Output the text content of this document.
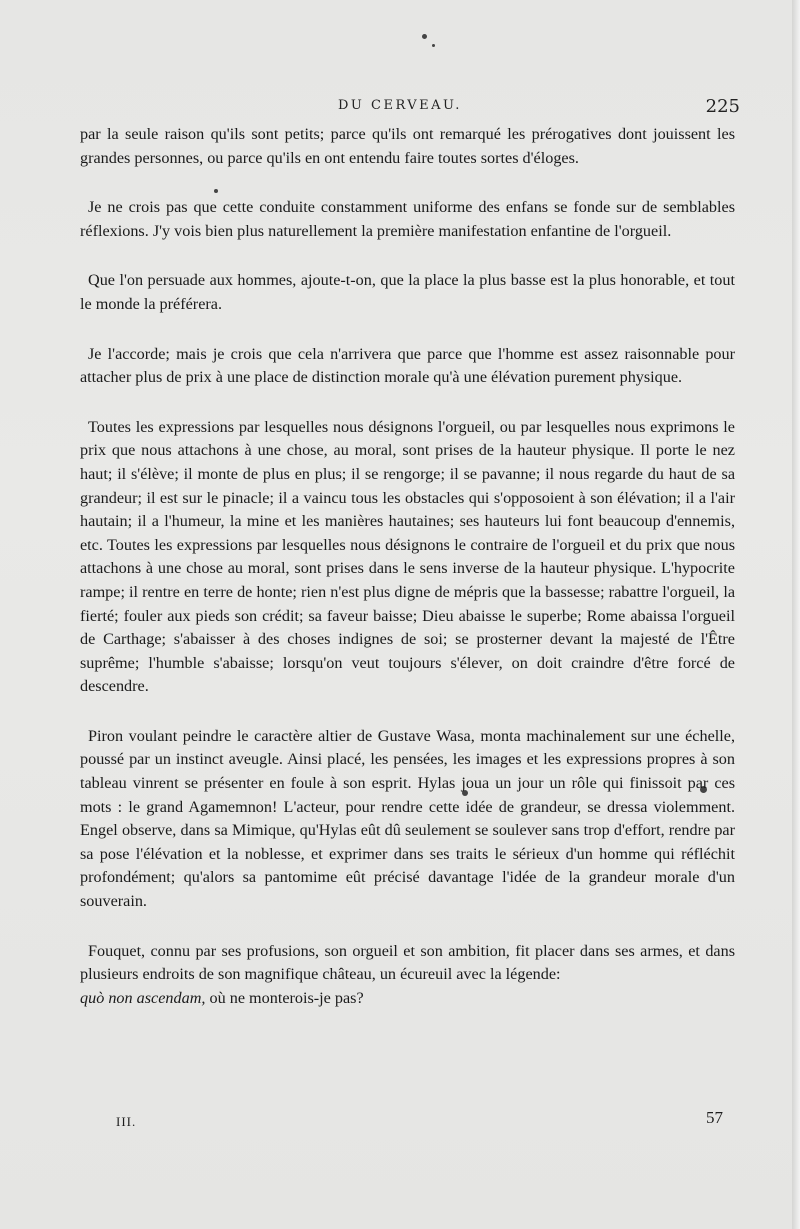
DU CERVEAU.	225

par la seule raison qu'ils sont petits; parce qu'ils ont remarqué les prérogatives dont jouissent les grandes personnes, ou parce qu'ils en ont entendu faire toutes sortes d'éloges.

Je ne crois pas que cette conduite constamment uniforme des enfans se fonde sur de semblables réflexions. J'y vois bien plus naturellement la première manifestation enfantine de l'orgueil.

Que l'on persuade aux hommes, ajoute-t-on, que la place la plus basse est la plus honorable, et tout le monde la préférera.

Je l'accorde; mais je crois que cela n'arrivera que parce que l'homme est assez raisonnable pour attacher plus de prix à une place de distinction morale qu'à une élévation purement physique.

Toutes les expressions par lesquelles nous désignons l'orgueil, ou par lesquelles nous exprimons le prix que nous attachons à une chose, au moral, sont prises de la hauteur physique. Il porte le nez haut; il s'élève; il monte de plus en plus; il se rengorge; il se pavanne; il nous regarde du haut de sa grandeur; il est sur le pinacle; il a vaincu tous les obstacles qui s'opposoient à son élévation; il a l'air hautain; il a l'humeur, la mine et les manières hautaines; ses hauteurs lui font beaucoup d'ennemis, etc. Toutes les expressions par lesquelles nous désignons le contraire de l'orgueil et du prix que nous attachons à une chose au moral, sont prises dans le sens inverse de la hauteur physique. L'hypocrite rampe; il rentre en terre de honte; rien n'est plus digne de mépris que la bassesse; rabattre l'orgueil, la fierté; fouler aux pieds son crédit; sa faveur baisse; Dieu abaisse le superbe; Rome abaissa l'orgueil de Carthage; s'abaisser à des choses indignes de soi; se prosterner devant la majesté de l'Être suprême; l'humble s'abaisse; lorsqu'on veut toujours s'élever, on doit craindre d'être forcé de descendre.

Piron voulant peindre le caractère altier de Gustave Wasa, monta machinalement sur une échelle, poussé par un instinct aveugle. Ainsi placé, les pensées, les images et les expressions propres à son tableau vinrent se présenter en foule à son esprit. Hylas joua un jour un rôle qui finissoit par ces mots : le grand Agamemnon! L'acteur, pour rendre cette idée de grandeur, se dressa violemment. Engel observe, dans sa Mimique, qu'Hylas eût dû seulement se soulever sans trop d'effort, rendre par sa pose l'élévation et la noblesse, et exprimer dans ses traits le sérieux d'un homme qui réfléchit profondément; qu'alors sa pantomime eût précisé davantage l'idée de la grandeur morale d'un souverain.

Fouquet, connu par ses profusions, son orgueil et son ambition, fit placer dans ses armes, et dans plusieurs endroits de son magnifique château, un écureuil avec la légende:
quò non ascendam, où ne monterois-je pas?

III.	57
